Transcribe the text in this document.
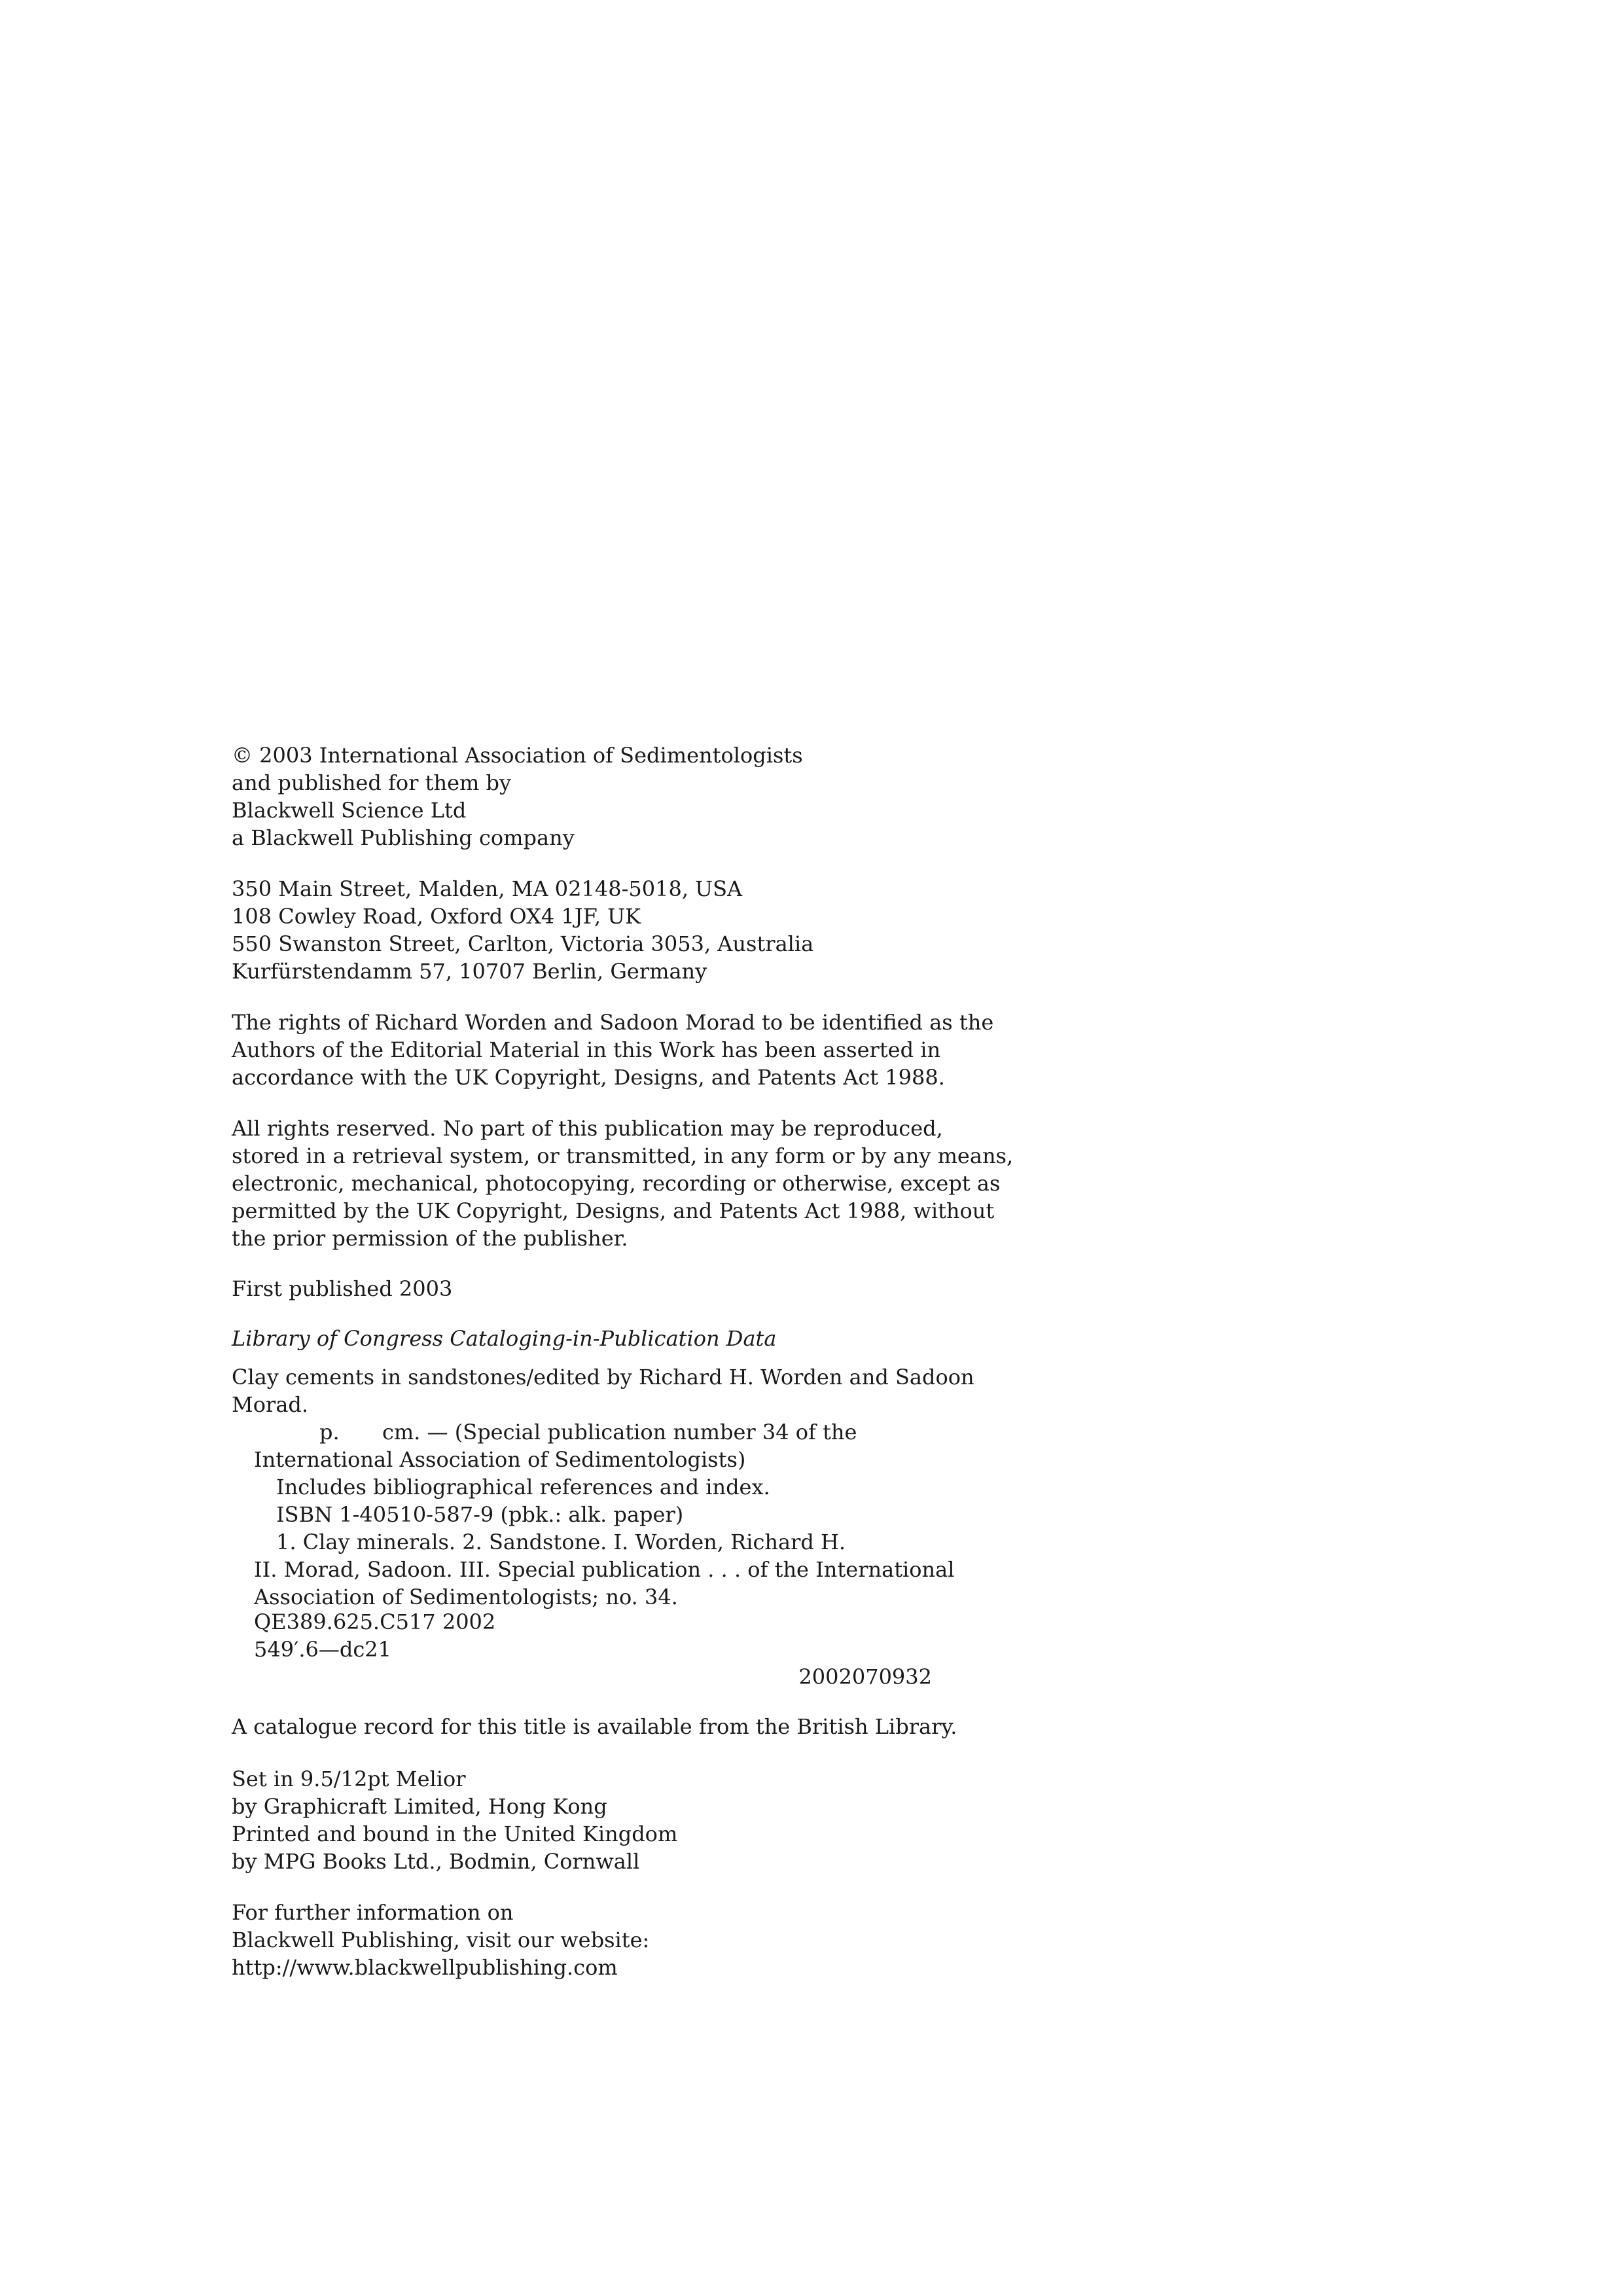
© 2003 International Association of Sedimentologists
and published for them by
Blackwell Science Ltd
a Blackwell Publishing company
350 Main Street, Malden, MA 02148-5018, USA
108 Cowley Road, Oxford OX4 1JF, UK
550 Swanston Street, Carlton, Victoria 3053, Australia
Kurfürstendamm 57, 10707 Berlin, Germany
The rights of Richard Worden and Sadoon Morad to be identified as the
Authors of the Editorial Material in this Work has been asserted in
accordance with the UK Copyright, Designs, and Patents Act 1988.
All rights reserved. No part of this publication may be reproduced,
stored in a retrieval system, or transmitted, in any form or by any means,
electronic, mechanical, photocopying, recording or otherwise, except as
permitted by the UK Copyright, Designs, and Patents Act 1988, without
the prior permission of the publisher.
First published 2003
Library of Congress Cataloging-in-Publication Data
Clay cements in sandstones/edited by Richard H. Worden and Sadoon
Morad.
p. cm. — (Special publication number 34 of the
International Association of Sedimentologists)
Includes bibliographical references and index.
ISBN 1-40510-587-9 (pbk.: alk. paper)
1. Clay minerals. 2. Sandstone. I. Worden, Richard H.
II. Morad, Sadoon. III. Special publication . . . of the International
Association of Sedimentologists; no. 34.
QE389.625.C517 2002
549′.6—dc21
2002070932
A catalogue record for this title is available from the British Library.
Set in 9.5/12pt Melior
by Graphicraft Limited, Hong Kong
Printed and bound in the United Kingdom
by MPG Books Ltd., Bodmin, Cornwall
For further information on
Blackwell Publishing, visit our website:
http://www.blackwellpublishing.com
